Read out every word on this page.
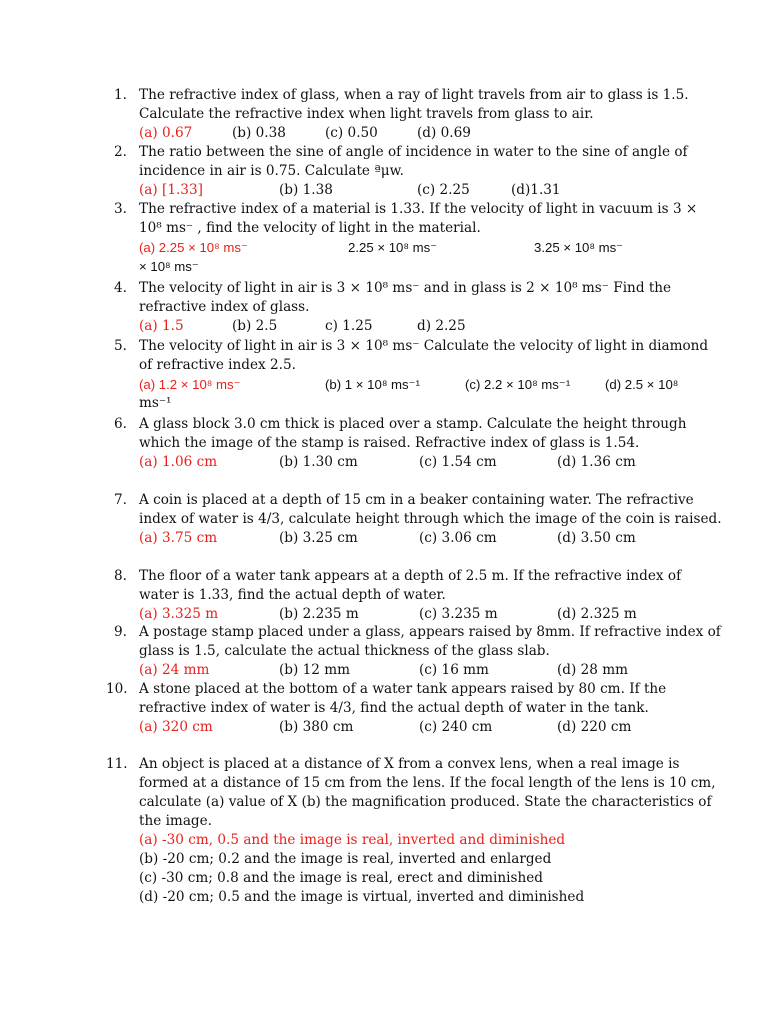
1. The refractive index of glass, when a ray of light travels from air to glass is 1.5. Calculate the refractive index when light travels from glass to air.
(a) 0.67	(b) 0.38	(c) 0.50	(d) 0.69
2. The ratio between the sine of angle of incidence in water to the sine of angle of incidence in air is 0.75. Calculate ªμw.
(a) [1.33]	(b) 1.38	(c) 2.25	(d)1.31
3. The refractive index of a material is 1.33. If the velocity of light in vacuum is 3 × 10⁸ ms⁻ , find the velocity of light in the material.
(a) 2.25 × 10⁸ ms⁻	2.25 × 10⁸ ms⁻	3.25 × 10⁸ ms⁻
× 10⁸ ms⁻
4. The velocity of light in air is 3 × 10⁸ ms⁻ and in glass is 2 × 10⁸ ms⁻ Find the refractive index of glass.
(a) 1.5	(b) 2.5	c) 1.25	d) 2.25
5. The velocity of light in air is 3 × 10⁸ ms⁻ Calculate the velocity of light in diamond of refractive index 2.5.
(a) 1.2 × 10⁸ ms⁻	(b) 1 × 10⁸ ms⁻¹	(c) 2.2 × 10⁸ ms⁻¹	(d) 2.5 × 10⁸
ms⁻¹
6. A glass block 3.0 cm thick is placed over a stamp. Calculate the height through which the image of the stamp is raised. Refractive index of glass is 1.54.
(a) 1.06 cm	(b) 1.30 cm	(c) 1.54 cm	(d) 1.36 cm
7. A coin is placed at a depth of 15 cm in a beaker containing water. The refractive index of water is 4/3, calculate height through which the image of the coin is raised.
(a) 3.75 cm	(b) 3.25 cm	(c) 3.06 cm	(d) 3.50 cm
8. The floor of a water tank appears at a depth of 2.5 m. If the refractive index of water is 1.33, find the actual depth of water.
(a) 3.325 m	(b) 2.235 m	(c) 3.235 m	(d) 2.325 m
9. A postage stamp placed under a glass, appears raised by 8mm. If refractive index of glass is 1.5, calculate the actual thickness of the glass slab.
(a) 24 mm	(b) 12 mm	(c) 16 mm	(d) 28 mm
10. A stone placed at the bottom of a water tank appears raised by 80 cm. If the refractive index of water is 4/3, find the actual depth of water in the tank.
(a) 320 cm	(b) 380 cm	(c) 240 cm	(d) 220 cm
11. An object is placed at a distance of X from a convex lens, when a real image is formed at a distance of 15 cm from the lens. If the focal length of the lens is 10 cm, calculate (a) value of X (b) the magnification produced. State the characteristics of the image.
(a) -30 cm, 0.5 and the image is real, inverted and diminished
(b) -20 cm; 0.2 and the image is real, inverted and enlarged
(c) -30 cm; 0.8 and the image is real, erect and diminished
(d) -20 cm; 0.5 and the image is virtual, inverted and diminished
